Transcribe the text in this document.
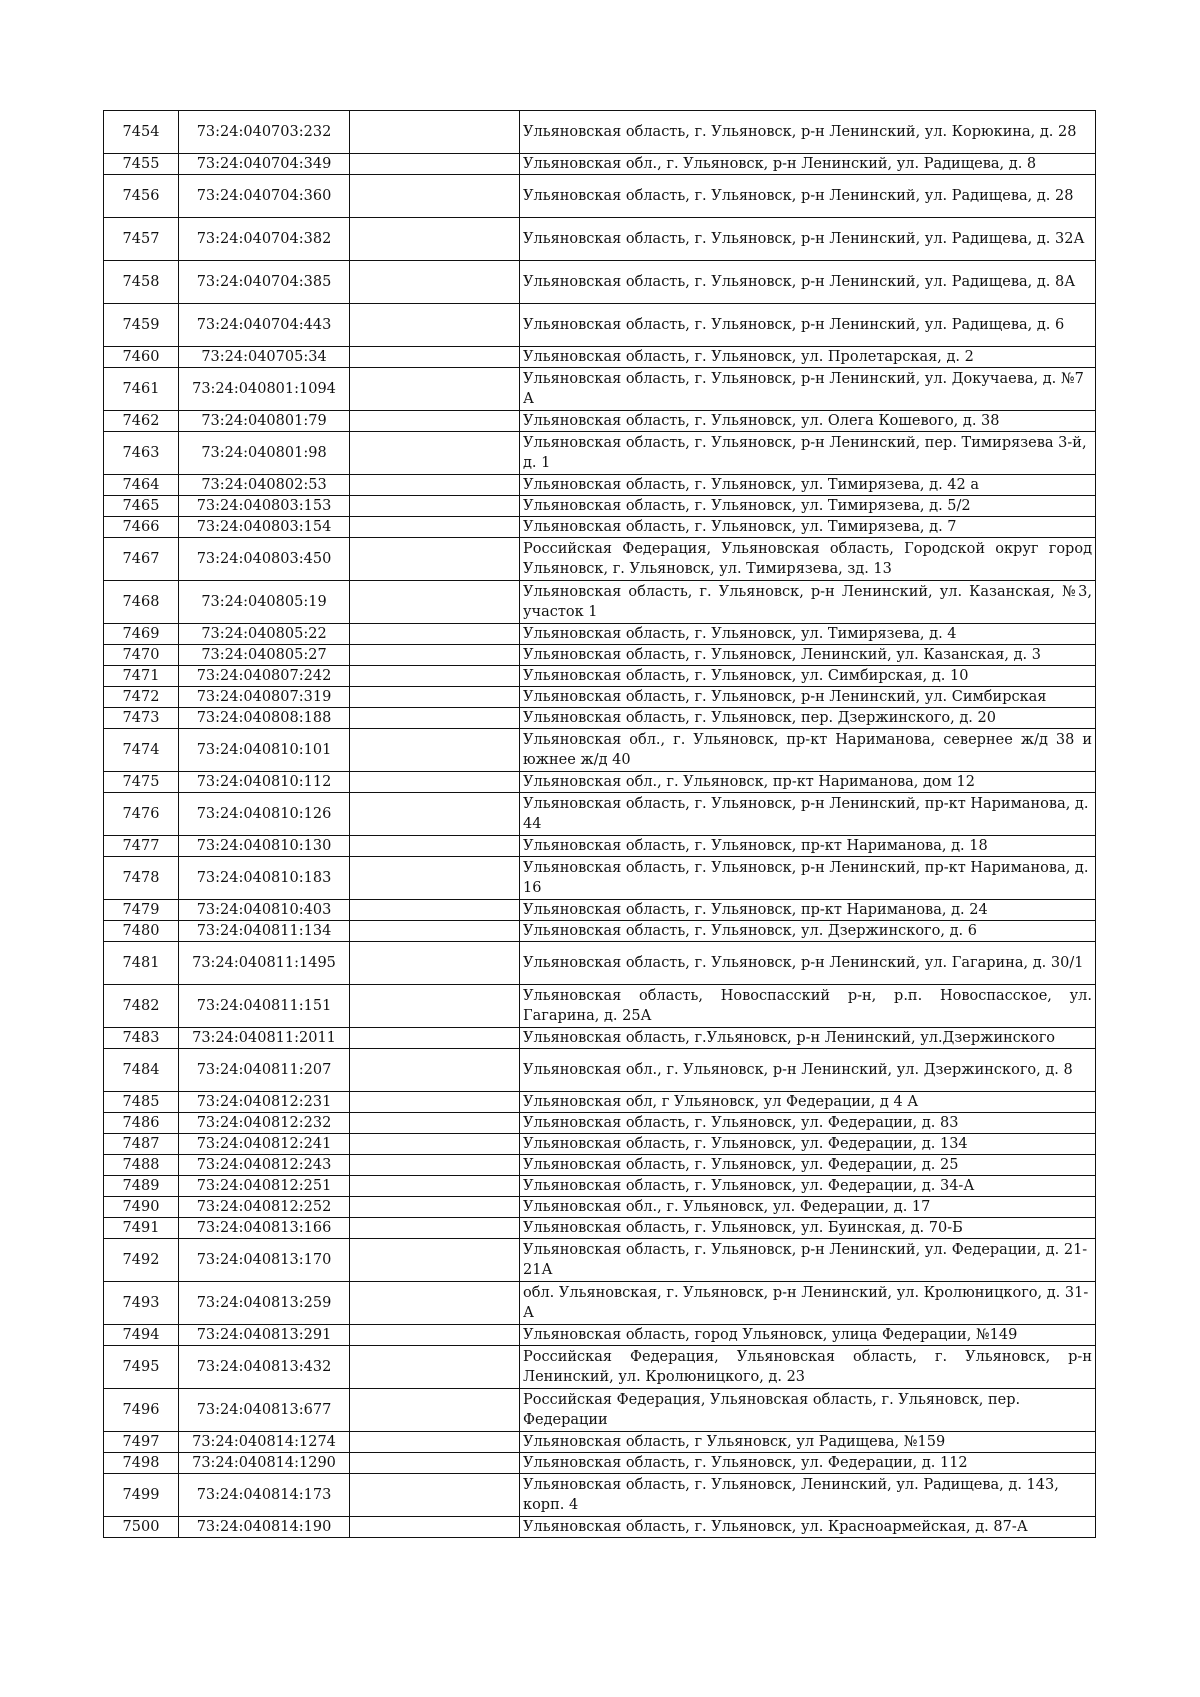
7454	73:24:040703:232		Ульяновская область, г. Ульяновск, р-н Ленинский, ул. Корюкина, д. 28
7455	73:24:040704:349		Ульяновская обл., г. Ульяновск, р-н Ленинский, ул. Радищева, д. 8
7456	73:24:040704:360		Ульяновская область, г. Ульяновск, р-н Ленинский, ул. Радищева, д. 28
7457	73:24:040704:382		Ульяновская область, г. Ульяновск, р-н Ленинский, ул. Радищева, д. 32А
7458	73:24:040704:385		Ульяновская область, г. Ульяновск, р-н Ленинский, ул. Радищева, д. 8А
7459	73:24:040704:443		Ульяновская область, г. Ульяновск, р-н Ленинский, ул. Радищева, д. 6
7460	73:24:040705:34		Ульяновская область, г. Ульяновск, ул. Пролетарская, д. 2
7461	73:24:040801:1094		Ульяновская область, г. Ульяновск, р-н Ленинский, ул. Докучаева, д. №7 А
7462	73:24:040801:79		Ульяновская область, г. Ульяновск, ул. Олега Кошевого, д. 38
7463	73:24:040801:98		Ульяновская область, г. Ульяновск, р-н Ленинский, пер. Тимирязева 3-й, д. 1
7464	73:24:040802:53		Ульяновская область, г. Ульяновск, ул. Тимирязева, д. 42 а
7465	73:24:040803:153		Ульяновская область, г. Ульяновск, ул. Тимирязева, д. 5/2
7466	73:24:040803:154		Ульяновская область, г. Ульяновск, ул. Тимирязева, д. 7
7467	73:24:040803:450		Российская Федерация, Ульяновская область, Городской округ город Ульяновск, г. Ульяновск, ул. Тимирязева, зд. 13
7468	73:24:040805:19		Ульяновская область, г. Ульяновск, р-н Ленинский, ул. Казанская, №3, участок 1
7469	73:24:040805:22		Ульяновская область, г. Ульяновск, ул. Тимирязева, д. 4
7470	73:24:040805:27		Ульяновская область, г. Ульяновск, Ленинский, ул. Казанская, д. 3
7471	73:24:040807:242		Ульяновская область, г. Ульяновск, ул. Симбирская, д. 10
7472	73:24:040807:319		Ульяновская область, г. Ульяновск, р-н Ленинский, ул. Симбирская
7473	73:24:040808:188		Ульяновская область, г. Ульяновск, пер. Дзержинского, д. 20
7474	73:24:040810:101		Ульяновская обл., г. Ульяновск, пр-кт Нариманова, севернее ж/д 38 и южнее ж/д 40
7475	73:24:040810:112		Ульяновская обл., г. Ульяновск, пр-кт Нариманова, дом 12
7476	73:24:040810:126		Ульяновская область, г. Ульяновск, р-н Ленинский, пр-кт Нариманова, д. 44
7477	73:24:040810:130		Ульяновская область, г. Ульяновск, пр-кт Нариманова, д. 18
7478	73:24:040810:183		Ульяновская область, г. Ульяновск, р-н Ленинский, пр-кт Нариманова, д. 16
7479	73:24:040810:403		Ульяновская область, г. Ульяновск, пр-кт Нариманова, д. 24
7480	73:24:040811:134		Ульяновская область, г. Ульяновск, ул. Дзержинского, д. 6
7481	73:24:040811:1495		Ульяновская область, г. Ульяновск, р-н Ленинский, ул. Гагарина, д. 30/1
7482	73:24:040811:151		Ульяновская область, Новоспасский р-н, р.п. Новоспасское, ул. Гагарина, д. 25А
7483	73:24:040811:2011		Ульяновская область, г.Ульяновск, р-н Ленинский, ул.Дзержинского
7484	73:24:040811:207		Ульяновская обл., г. Ульяновск, р-н Ленинский, ул. Дзержинского, д. 8
7485	73:24:040812:231		Ульяновская обл, г Ульяновск, ул Федерации, д 4 А
7486	73:24:040812:232		Ульяновская область, г. Ульяновск, ул. Федерации, д. 83
7487	73:24:040812:241		Ульяновская область, г. Ульяновск, ул. Федерации, д. 134
7488	73:24:040812:243		Ульяновская область, г. Ульяновск, ул. Федерации, д. 25
7489	73:24:040812:251		Ульяновская область, г. Ульяновск, ул. Федерации, д. 34-А
7490	73:24:040812:252		Ульяновская обл., г. Ульяновск, ул. Федерации, д. 17
7491	73:24:040813:166		Ульяновская область, г. Ульяновск, ул. Буинская, д. 70-Б
7492	73:24:040813:170		Ульяновская область, г. Ульяновск, р-н Ленинский, ул. Федерации, д. 21-21А
7493	73:24:040813:259		обл. Ульяновская, г. Ульяновск, р-н Ленинский, ул. Кролюницкого, д. 31-А
7494	73:24:040813:291		Ульяновская область, город Ульяновск, улица Федерации, №149
7495	73:24:040813:432		Российская Федерация, Ульяновская область, г. Ульяновск, р-н Ленинский, ул. Кролюницкого, д. 23
7496	73:24:040813:677		Российская Федерация, Ульяновская область, г. Ульяновск, пер. Федерации
7497	73:24:040814:1274		Ульяновская область, г Ульяновск, ул Радищева, №159
7498	73:24:040814:1290		Ульяновская область, г. Ульяновск, ул. Федерации, д. 112
7499	73:24:040814:173		Ульяновская область, г. Ульяновск, Ленинский, ул. Радищева, д. 143, корп. 4
7500	73:24:040814:190		Ульяновская область, г. Ульяновск, ул. Красноармейская, д. 87-А
